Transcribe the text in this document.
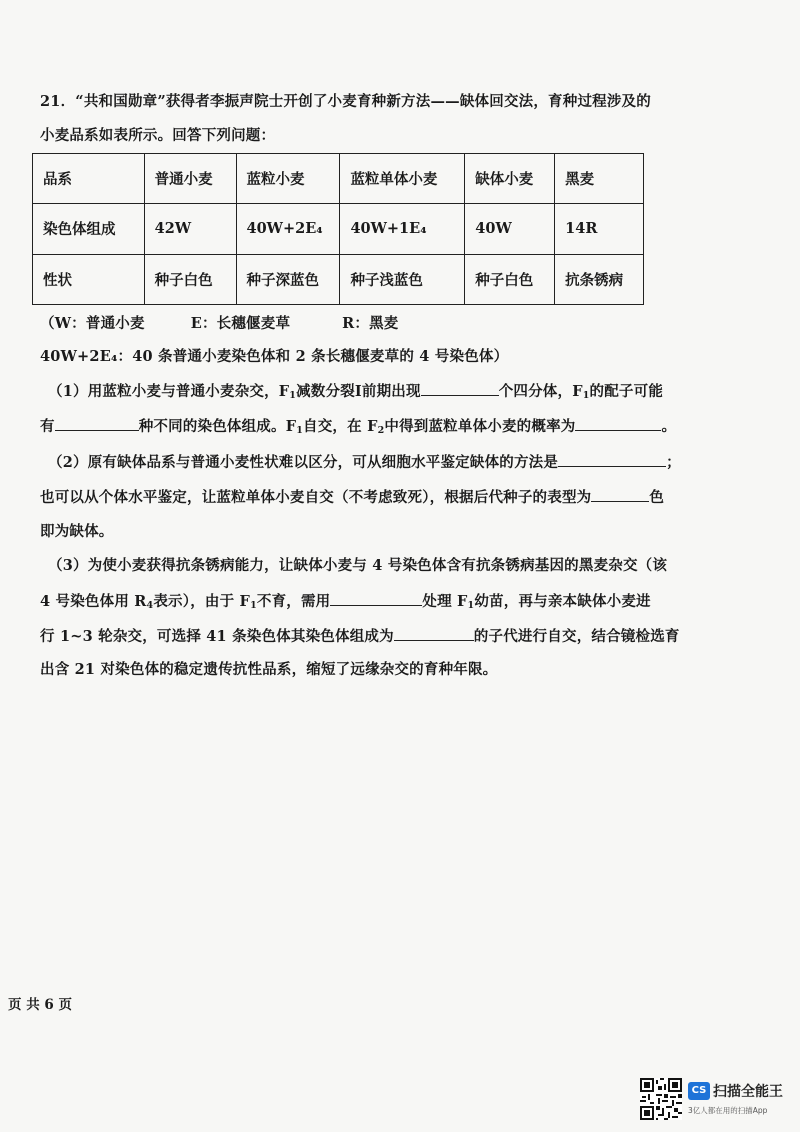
21．“共和国勋章”获得者李振声院士开创了小麦育种新方法——缺体回交法，育种过程涉及的
小麦品系如表所示。回答下列问题：
品系	普通小麦	蓝粒小麦	蓝粒单体小麦	缺体小麦	黑麦
染色体组成	42W	40W+2E₄	40W+1E₄	40W	14R
性状	种子白色	种子深蓝色	种子浅蓝色	种子白色	抗条锈病
（W：普通小麦	E：长穗偃麦草	R：黑麦
40W+2E₄：40 条普通小麦染色体和 2 条长穗偃麦草的 4 号染色体）
（1）用蓝粒小麦与普通小麦杂交，$F_1$减数分裂Ⅰ前期出现	个四分体，$F_1$的配子可能
有	种不同的染色体组成。$F_1$自交，在 $F_2$中得到蓝粒单体小麦的概率为	。
（2）原有缺体品系与普通小麦性状难以区分，可从细胞水平鉴定缺体的方法是	；
也可以从个体水平鉴定，让蓝粒单体小麦自交（不考虑致死），根据后代种子的表型为	色
即为缺体。
（3）为使小麦获得抗条锈病能力，让缺体小麦与 4 号染色体含有抗条锈病基因的黑麦杂交（该
4 号染色体用 $R_4$表示），由于 $F_1$不育，需用	处理 $F_1$幼苗，再与亲本缺体小麦进
行 1~3 轮杂交，可选择 41 条染色体其染色体组成为	的子代进行自交，结合镜检选育
出含 21 对染色体的稳定遗传抗性品系，缩短了远缘杂交的育种年限。
页 共 6 页
CS 扫描全能王
3亿人都在用的扫描App
